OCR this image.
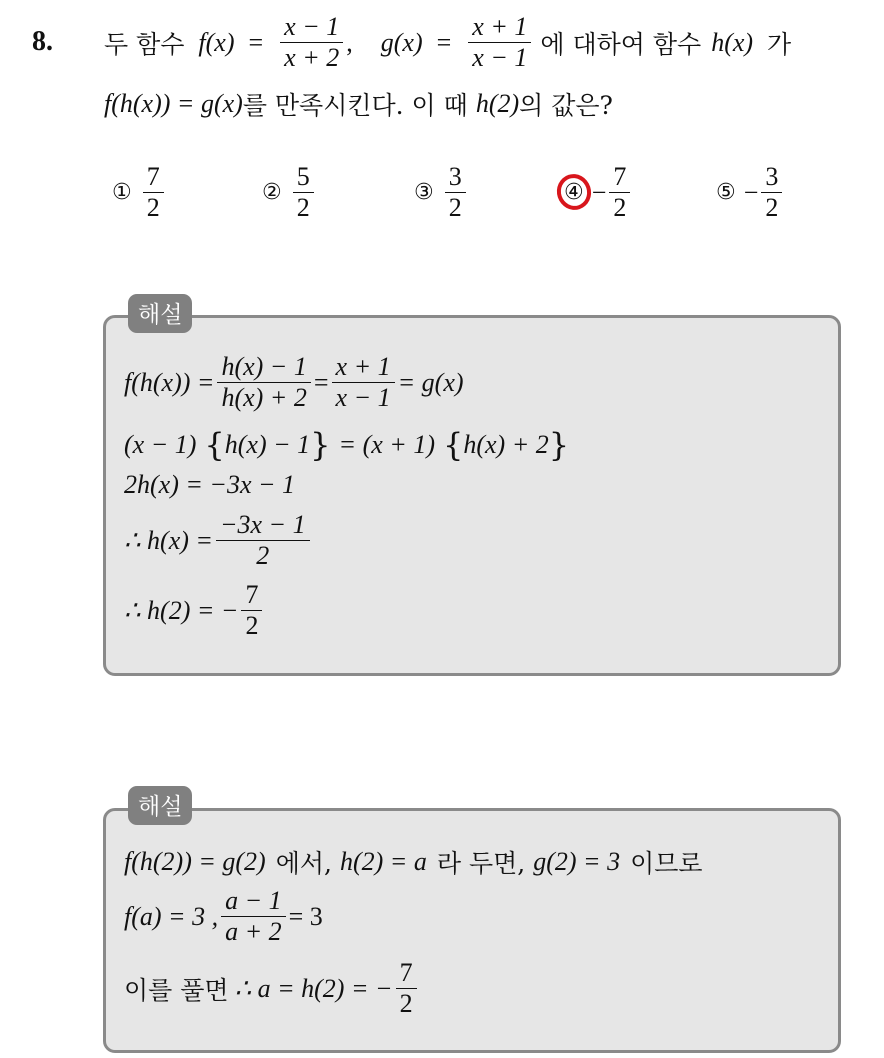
8. 두 함수 $f(x) = \frac{x - 1}{x + 2}$ , $g(x) = \frac{x + 1}{x - 1}$ 에 대하여 함수 h(x) 가
f(h(x)) = g(x) 를 만족시킨다. 이 때 h(2) 의 값은?
① $\frac{7}{2}$	② $\frac{5}{2}$	③ $\frac{3}{2}$	④ − $\frac{7}{2}$	⑤ − $\frac{3}{2}$
해설
$f(h(x)) = \frac{h(x) - 1}{h(x) + 2} = \frac{x + 1}{x - 1} = g(x)$
(x − 1) { h(x) − 1 } = (x + 1) { h(x) + 2 }
2h(x) = −3x − 1
∴ $h(x) = \frac{-3x - 1}{2}$
∴ h(2) = − $\frac{7}{2}$
해설
f(h(2)) = g(2) 에서, h(2) = a 라 두면, g(2) = 3 이므로
f(a) = 3 , $\frac{a - 1}{a + 2} = 3$
이를 풀면 ∴ a = h(2) = − $\frac{7}{2}$
